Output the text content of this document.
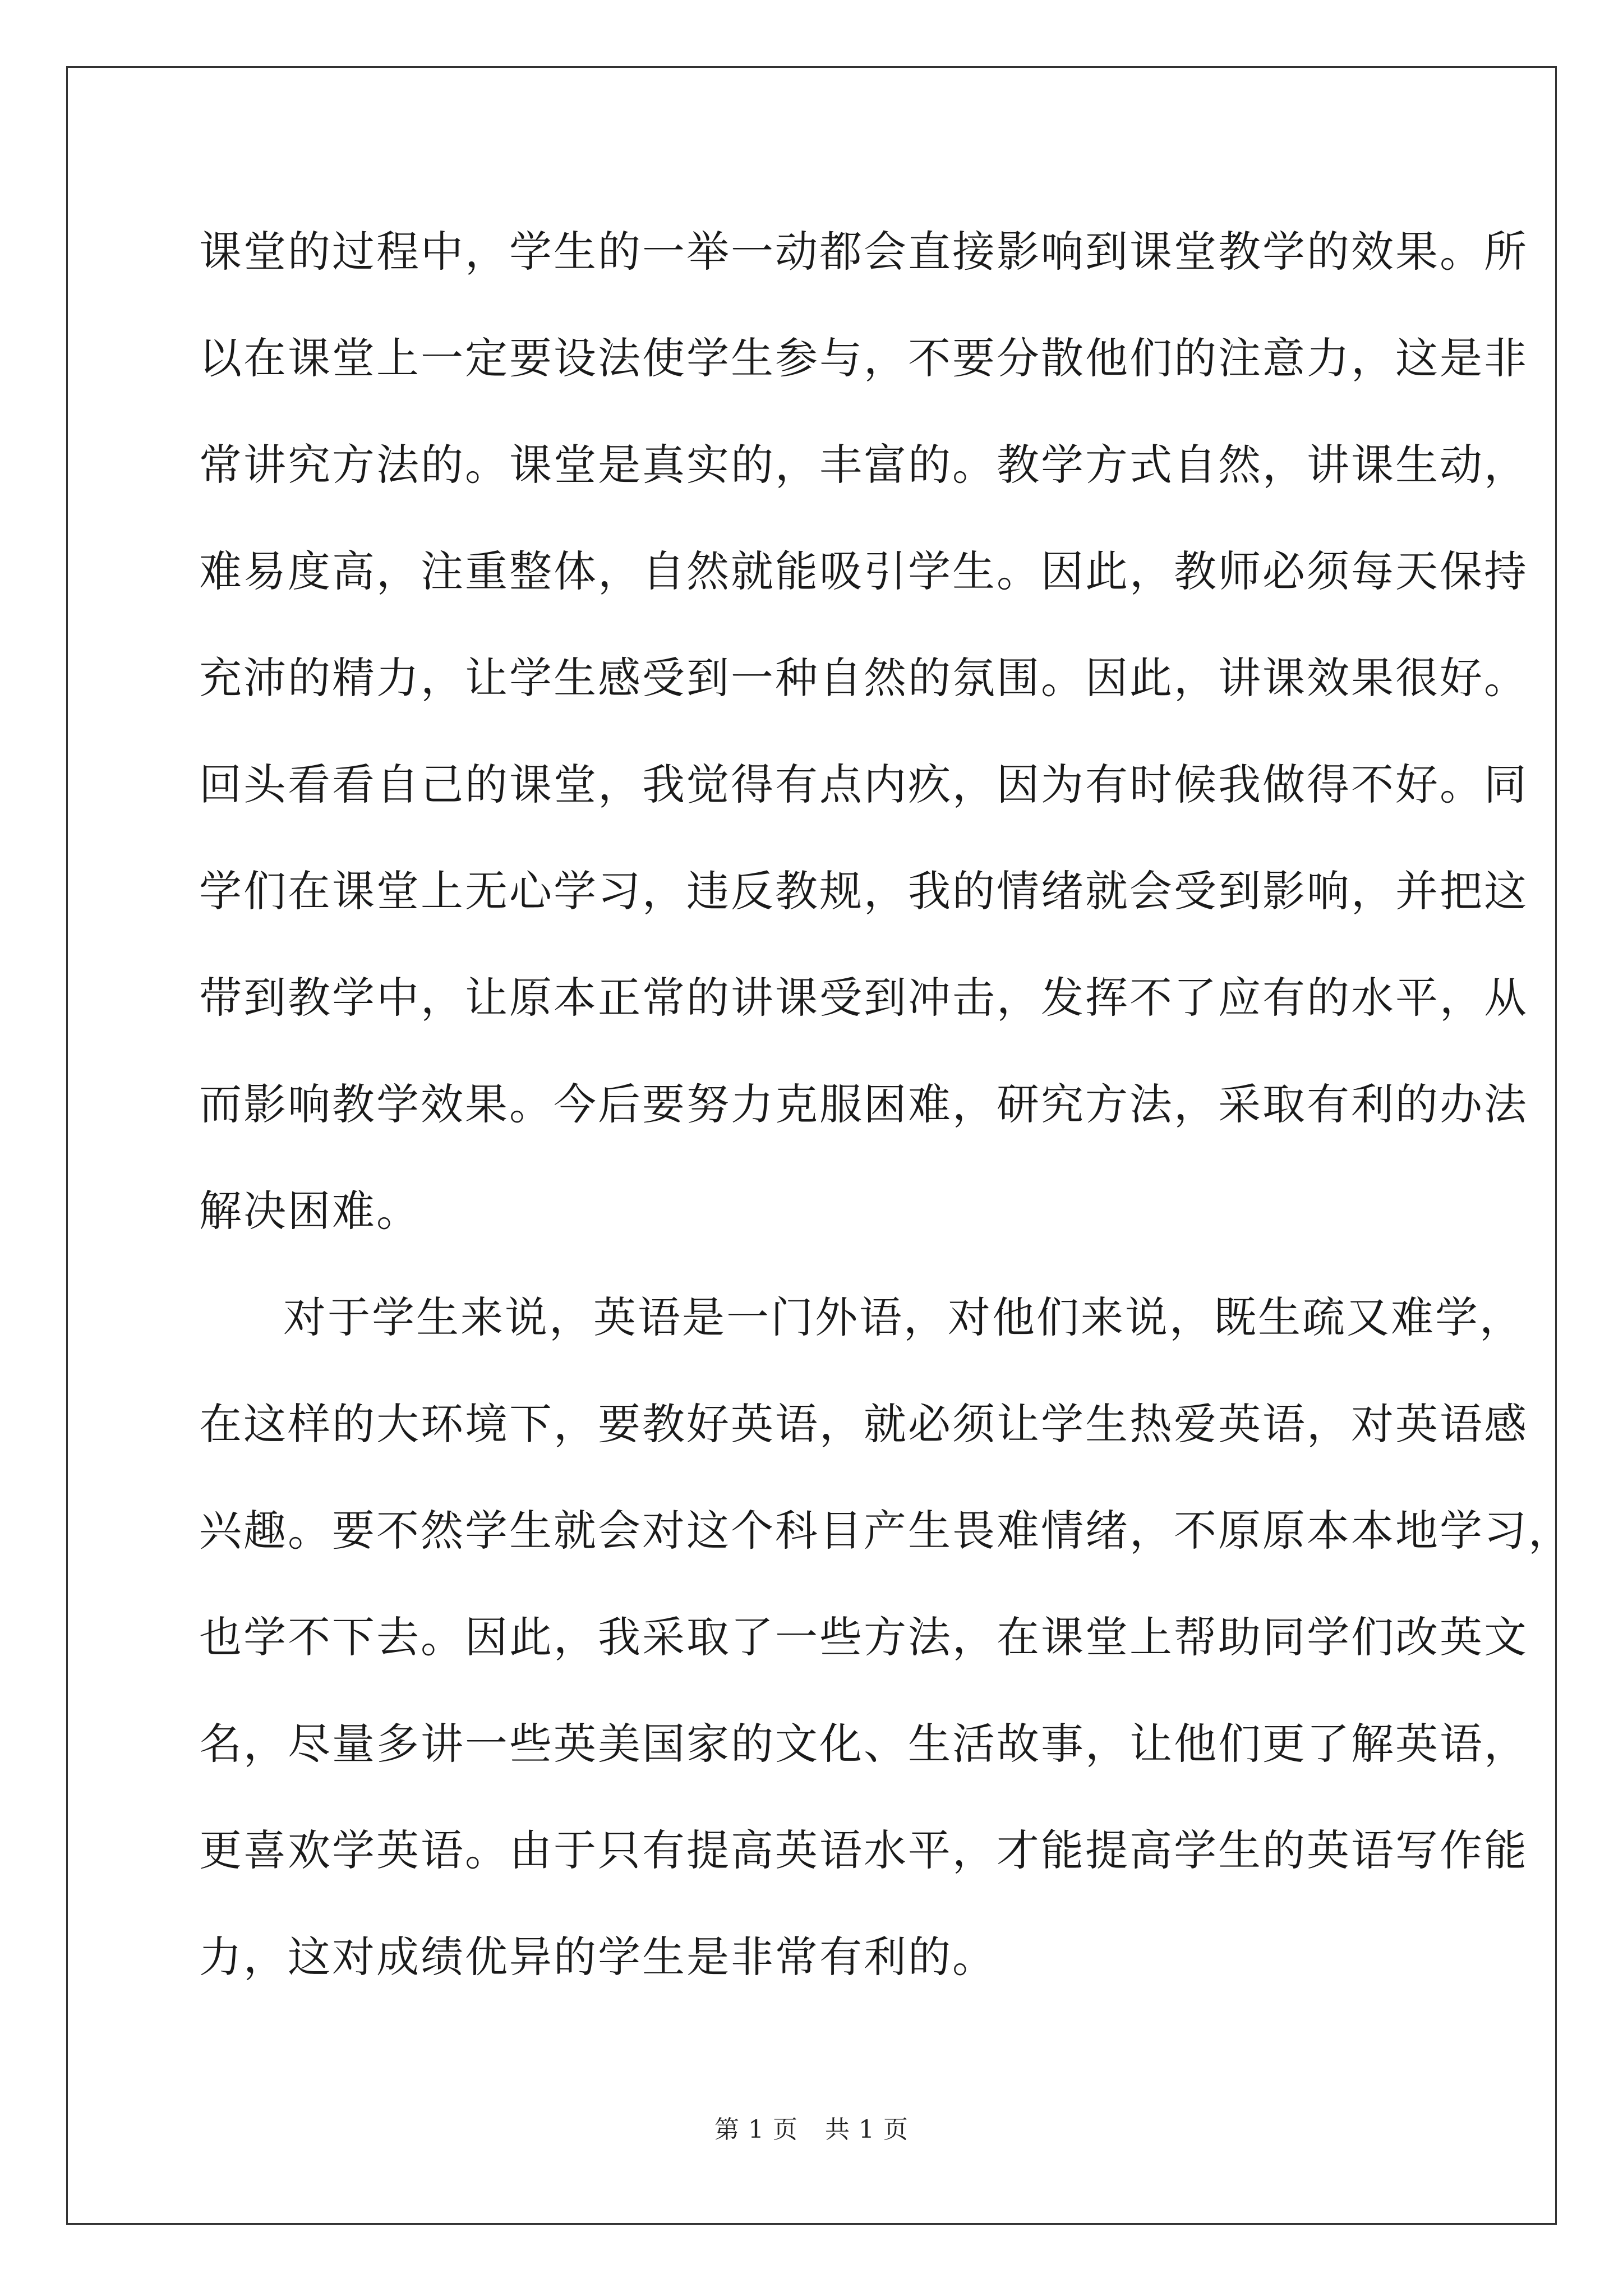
课堂的过程中，学生的一举一动都会直接影响到课堂教学的效果。所
以在课堂上一定要设法使学生参与，不要分散他们的注意力，这是非
常讲究方法的。课堂是真实的，丰富的。教学方式自然，讲课生动，
难易度高，注重整体，自然就能吸引学生。因此，教师必须每天保持
充沛的精力，让学生感受到一种自然的氛围。因此，讲课效果很好。
回头看看自己的课堂，我觉得有点内疚，因为有时候我做得不好。同
学们在课堂上无心学习，违反教规，我的情绪就会受到影响，并把这
带到教学中，让原本正常的讲课受到冲击，发挥不了应有的水平，从
而影响教学效果。今后要努力克服困难，研究方法，采取有利的办法
解决困难。
对于学生来说，英语是一门外语，对他们来说，既生疏又难学，
在这样的大环境下，要教好英语，就必须让学生热爱英语，对英语感
兴趣。要不然学生就会对这个科目产生畏难情绪，不原原本本地学习，
也学不下去。因此，我采取了一些方法，在课堂上帮助同学们改英文
名，尽量多讲一些英美国家的文化、生活故事，让他们更了解英语，
更喜欢学英语。由于只有提高英语水平，才能提高学生的英语写作能
力，这对成绩优异的学生是非常有利的。
第 1 页 共 1 页
